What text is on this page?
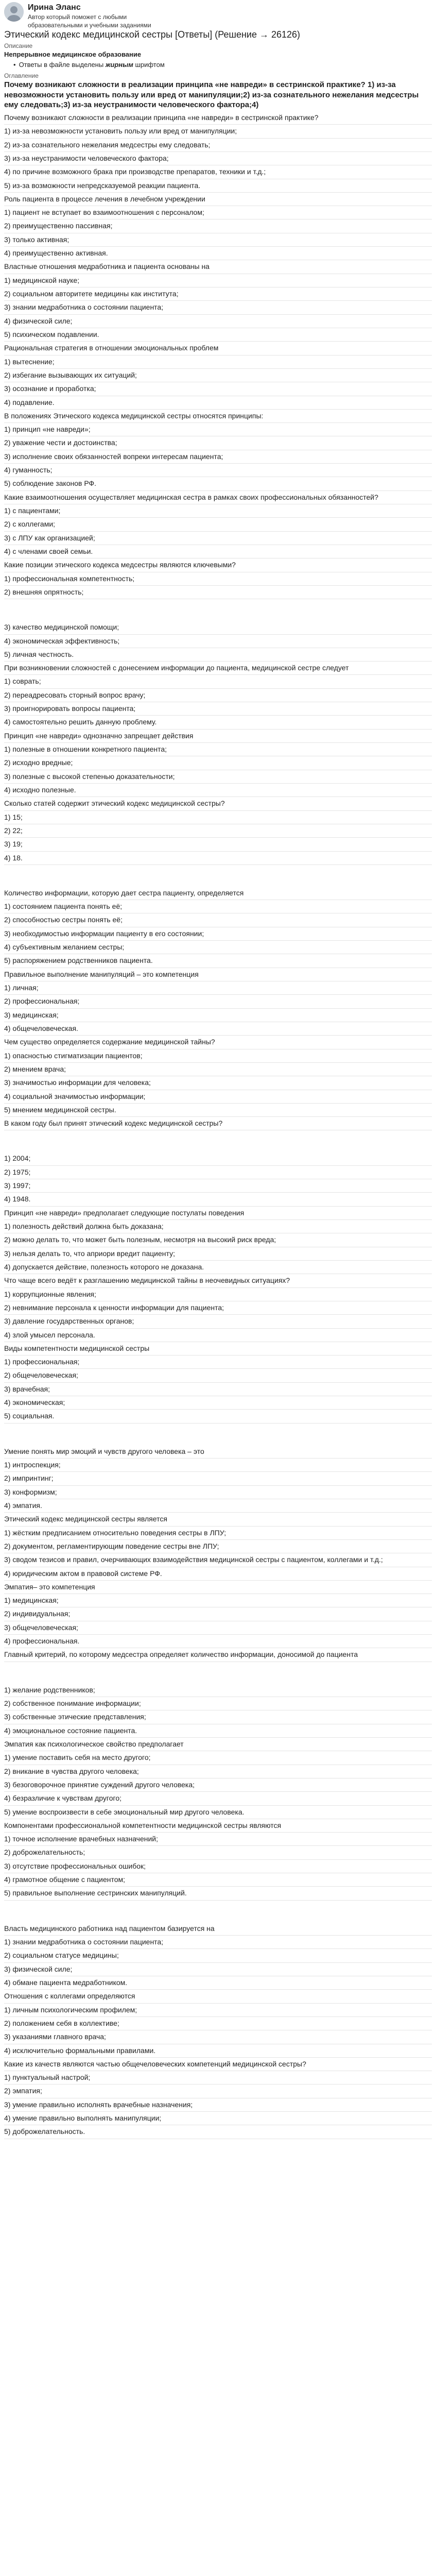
Ирина Эланс

Автор который поможет с любыми образовательными и учебными заданиями

Этический кодекс медицинской сестры [Ответы] (Решение → 26126)

Описание

Непрерывное медицинское образование

• Ответы в файле выделены жирным шрифтом

Оглавление

Почему возникают сложности в реализации принципа «не навреди» в сестринской практике? 1) из-за невозможности установить пользу или вред от манипуляции;2) из-за сознательного нежелания медсестры ему следовать;3) из-за неустранимости человеческого фактора;4)

Почему возникают сложности в реализации принципа «не навреди» в сестринской практике?

1) из-за невозможности установить пользу или вред от манипуляции;

2) из-за сознательного нежелания медсестры ему следовать;

3) из-за неустранимости человеческого фактора;

4) по причине возможного брака при производстве препаратов, техники и т.д.;

5) из-за возможности непредсказуемой реакции пациента.

Роль пациента в процессе лечения в лечебном учреждении

1) пациент не вступает во взаимоотношения с персоналом;

2) преимущественно пассивная;

3) только активная;

4) преимущественно активная.

Властные отношения медработника и пациента основаны на

1) медицинской науке;

2) социальном авторитете медицины как института;

3) знании медработника о состоянии пациента;

4) физической силе;

5) психическом подавлении.

Рациональная стратегия в отношении эмоциональных проблем

1) вытеснение;

2) избегание вызывающих их ситуаций;

3) осознание и проработка;

4) подавление.

В положениях Этического кодекса медицинской сестры относятся принципы:

1) принцип «не навреди»;

2) уважение чести и достоинства;

3) исполнение своих обязанностей вопреки интересам пациента;

4) гуманность;

5) соблюдение законов РФ.

Какие взаимоотношения осуществляет медицинская сестра в рамках своих профессиональных обязанностей?

1) с пациентами;

2) с коллегами;

3) с ЛПУ как организацией;

4) с членами своей семьи.

Какие позиции этического кодекса медсестры являются ключевыми?

1) профессиональная компетентность;

2) внешняя опрятность;

3) качество медицинской помощи;

4) экономическая эффективность;

5) личная честность.

При возникновении сложностей с донесением информации до пациента, медицинской сестре следует

1) соврать;

2) переадресовать сторный вопрос врачу;

3) проигнорировать вопросы пациента;

4) самостоятельно решить данную проблему.

Принцип «не навреди» однозначно запрещает действия

1) полезные в отношении конкретного пациента;

2) исходно вредные;

3) полезные с высокой степенью доказательности;

4) исходно полезные.

Сколько статей содержит этический кодекс медицинской сестры?

1) 15;

2) 22;

3) 19;

4) 18.

Количество информации, которую дает сестра пациенту, определяется

1) состоянием пациента понять её;

2) способностью сестры понять её;

3) необходимостью информации пациенту в его состоянии;

4) субъективным желанием сестры;

5) распоряжением родственников пациента.

Правильное выполнение манипуляций – это компетенция

1) личная;

2) профессиональная;

3) медицинская;

4) общечеловеческая.

Чем существо определяется содержание медицинской тайны?

1) опасностью стигматизации пациентов;

2) мнением врача;

3) значимостью информации для человека;

4) социальной значимостью информации;

5) мнением медицинской сестры.

В каком году был принят этический кодекс медицинской сестры?

1) 2004;

2) 1975;

3) 1997;

4) 1948.

Принцип «не навреди» предполагает следующие постулаты поведения

1) полезность действий должна быть доказана;

2) можно делать то, что может быть полезным, несмотря на высокий риск вреда;

3) нельзя делать то, что априори вредит пациенту;

4) допускается действие, полезность которого не доказана.

Что чаще всего ведёт к разглашению медицинской тайны в неочевидных ситуациях?

1) коррупционные явления;

2) невнимание персонала к ценности информации для пациента;

3) давление государственных органов;

4) злой умысел персонала.

Виды компетентности медицинской сестры

1) профессиональная;

2) общечеловеческая;

3) врачебная;

4) экономическая;

5) социальная.

Умение понять мир эмоций и чувств другого человека – это

1) интроспекция;

2) импринтинг;

3) конформизм;

4) эмпатия.

Этический кодекс медицинской сестры является

1) жёстким предписанием относительно поведения сестры в ЛПУ;

2) документом, регламентирующим поведение сестры вне ЛПУ;

3) сводом тезисов и правил, очерчивающих взаимодействия медицинской сестры с пациентом, коллегами и т.д.;

4) юридическим актом в правовой системе РФ.

Эмпатия– это компетенция

1) медицинская;

2) индивидуальная;

3) общечеловеческая;

4) профессиональная.

Главный критерий, по которому медсестра определяет количество информации, доносимой до пациента

1) желание родственников;

2) собственное понимание информации;

3) собственные этические представления;

4) эмоциональное состояние пациента.

Эмпатия как психологическое свойство предполагает

1) умение поставить себя на место другого;

2) вникание в чувства другого человека;

3) безоговорочное принятие суждений другого человека;

4) безразличие к чувствам другого;

5) умение воспроизвести в себе эмоциональный мир другого человека.

Компонентами профессиональной компетентности медицинской сестры являются

1) точное исполнение врачебных назначений;

2) доброжелательность;

3) отсутствие профессиональных ошибок;

4) грамотное общение с пациентом;

5) правильное выполнение сестринских манипуляций.

Власть медицинского работника над пациентом базируется на

1) знании медработника о состоянии пациента;

2) социальном статусе медицины;

3) физической силе;

4) обмане пациента медработником.

Отношения с коллегами определяются

1) личным психологическим профилем;

2) положением себя в коллективе;

3) указаниями главного врача;

4) исключительно формальными правилами.

Какие из качеств являются частью общечеловеческих компетенций медицинской сестры?

1) пунктуальный настрой;

2) эмпатия;

3) умение правильно исполнять врачебные назначения;

4) умение правильно выполнять манипуляции;

5) доброжелательность.
